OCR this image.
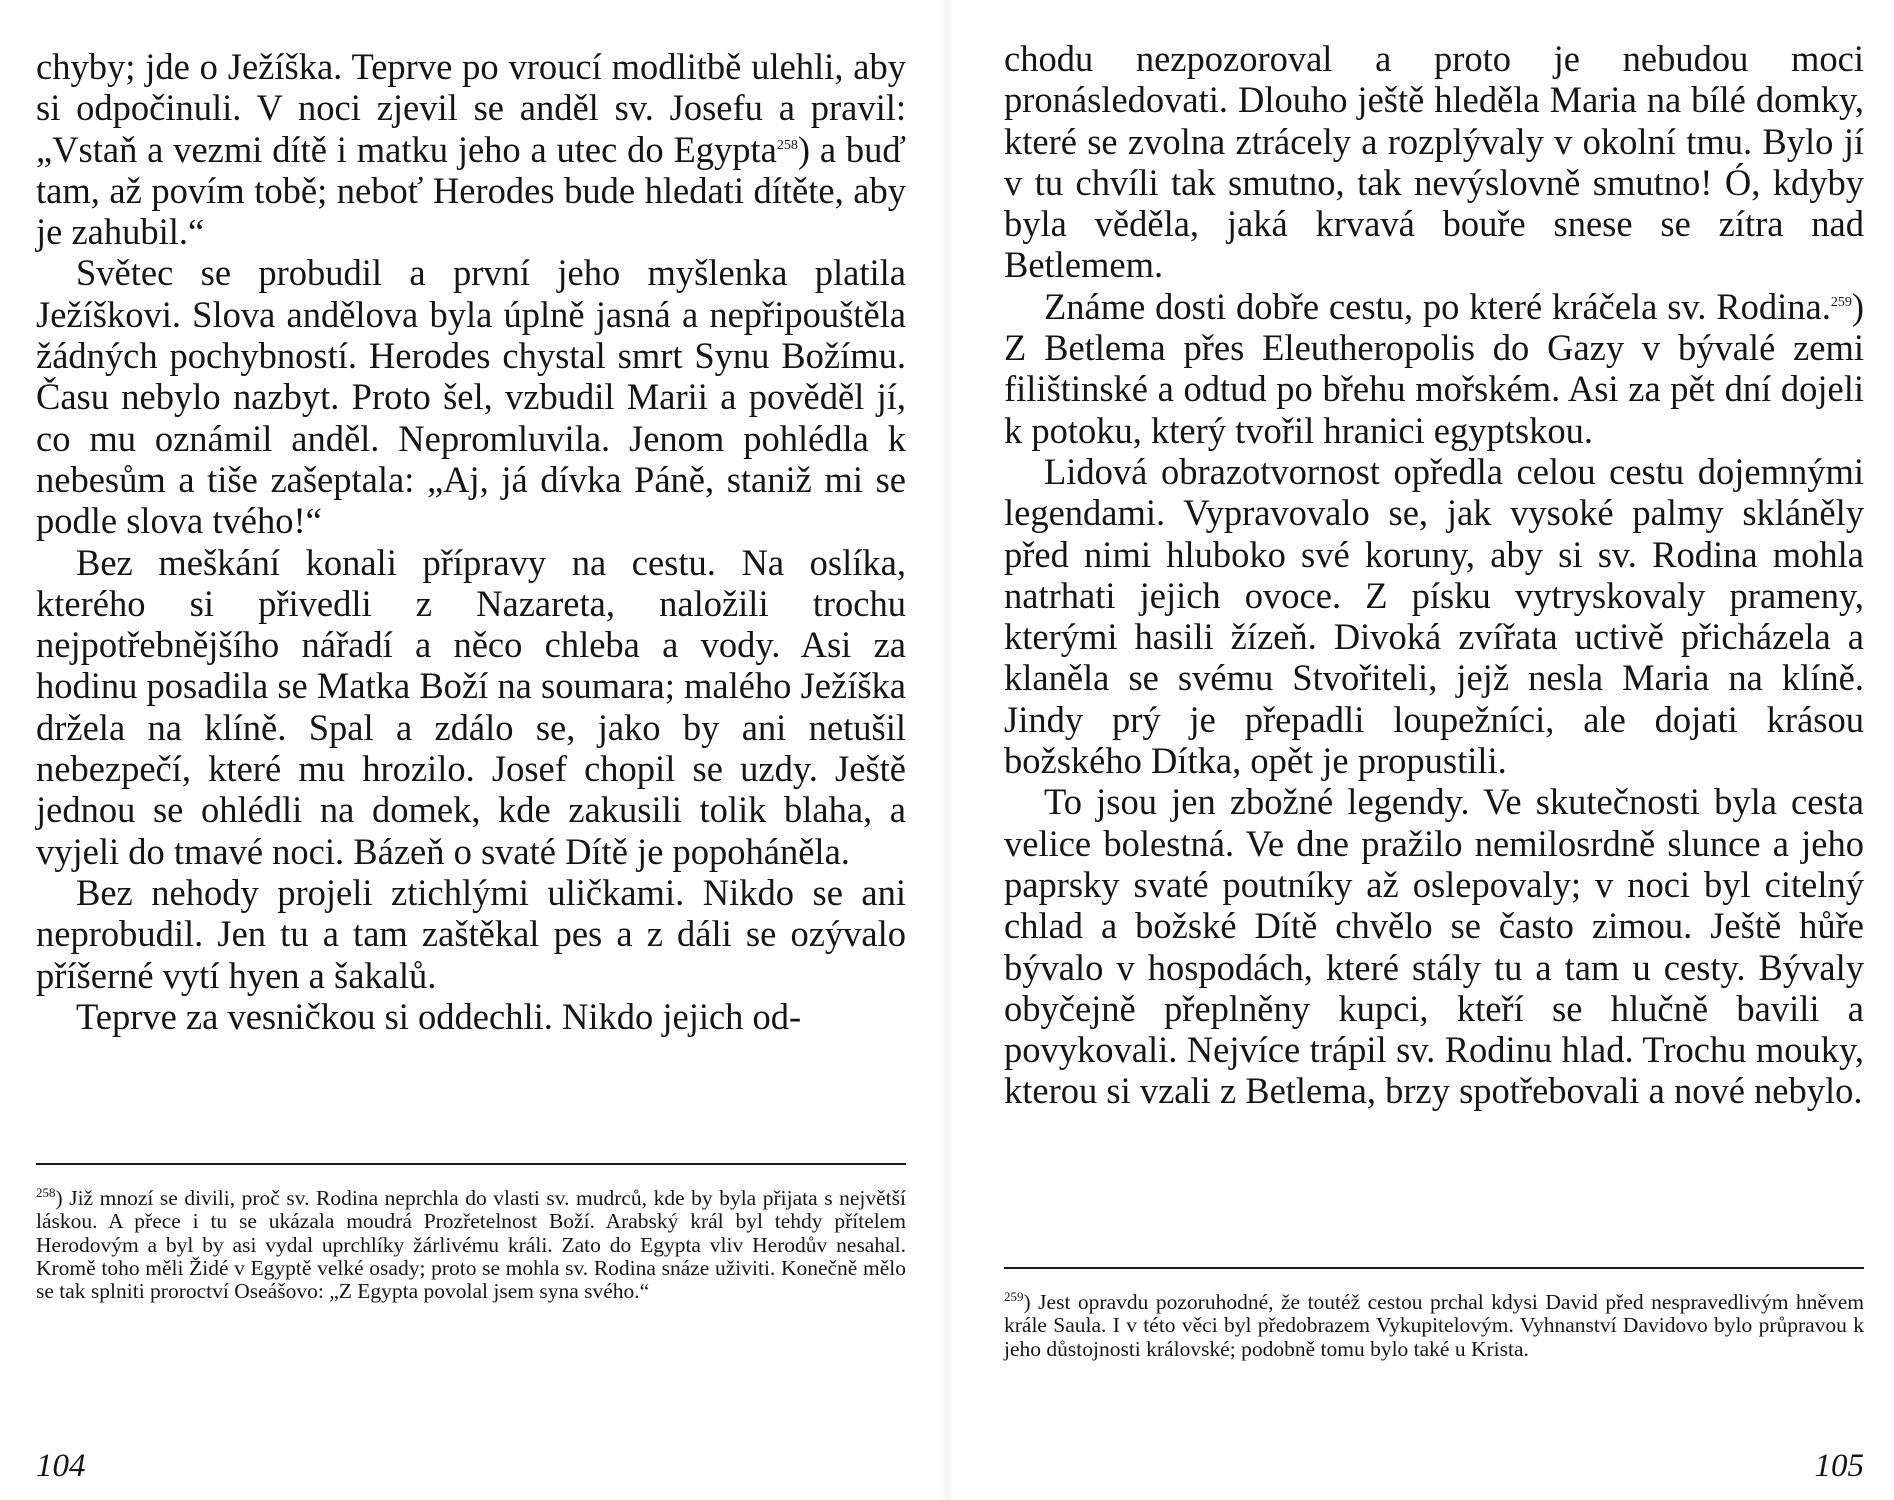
chyby; jde o Ježíška. Teprve po vroucí modlitbě ulehli, aby si odpočinuli. V noci zjevil se anděl sv. Josefu a pravil: „Vstaň a vezmi dítě i matku jeho a utec do Egypta$^{258}$) a buď tam, až povím tobě; neboť Herodes bude hledati dítěte, aby je zahubil.“

Světec se probudil a první jeho myšlenka platila Ježíškovi. Slova andělova byla úplně jasná a nepřipouštěla žádných pochybností. Herodes chystal smrt Synu Božímu. Času nebylo nazbyt. Proto šel, vzbudil Marii a pověděl jí, co mu oznámil anděl. Nepromluvila. Jenom pohlédla k nebesům a tiše zašeptala: „Aj, já dívka Páně, staniž mi se podle slova tvého!“

Bez meškání konali přípravy na cestu. Na oslíka, kterého si přivedli z Nazareta, naložili trochu nejpotřebnějšího nářadí a něco chleba a vody. Asi za hodinu posadila se Matka Boží na soumara; malého Ježíška držela na klíně. Spal a zdálo se, jako by ani netušil nebezpečí, které mu hrozilo. Josef chopil se uzdy. Ještě jednou se ohlédli na domek, kde zakusili tolik blaha, a vyjeli do tmavé noci. Bázeň o svaté Dítě je popoháněla.

Bez nehody projeli ztichlými uličkami. Nikdo se ani neprobudil. Jen tu a tam zaštěkal pes a z dáli se ozývalo příšerné vytí hyen a šakalů.

Teprve za vesničkou si oddechli. Nikdo jejich od-

$^{258}$) Již mnozí se divili, proč sv. Rodina neprchla do vlasti sv. mudrců, kde by byla přijata s největší láskou. A přece i tu se ukázala moudrá Prozřetelnost Boží. Arabský král byl tehdy přítelem Herodovým a byl by asi vydal uprchlíky žárlivému králi. Zato do Egypta vliv Herodův nesahal. Kromě toho měli Židé v Egyptě velké osady; proto se mohla sv. Rodina snáze uživiti. Konečně mělo se tak splniti proroctví Oseášovo: „Z Egypta povolal jsem syna svého.“
104

chodu nezpozoroval a proto je nebudou moci pronásledovati. Dlouho ještě hleděla Maria na bílé domky, které se zvolna ztrácely a rozplývaly v okolní tmu. Bylo jí v tu chvíli tak smutno, tak nevýslovně smutno! Ó, kdyby byla věděla, jaká krvavá bouře snese se zítra nad Betlemem.

Známe dosti dobře cestu, po které kráčela sv. Rodina.$^{259}$) Z Betlema přes Eleutheropolis do Gazy v bývalé zemi filištinské a odtud po břehu mořském. Asi za pět dní dojeli k potoku, který tvořil hranici egyptskou.

Lidová obrazotvornost opředla celou cestu dojemnými legendami. Vypravovalo se, jak vysoké palmy skláněly před nimi hluboko své koruny, aby si sv. Rodina mohla natrhati jejich ovoce. Z písku vytryskovaly prameny, kterými hasili žízeň. Divoká zvířata uctivě přicházela a klaněla se svému Stvořiteli, jejž nesla Maria na klíně. Jindy prý je přepadli loupežníci, ale dojati krásou božského Dítka, opět je propustili.

To jsou jen zbožné legendy. Ve skutečnosti byla cesta velice bolestná. Ve dne pražilo nemilosrdně slunce a jeho paprsky svaté poutníky až oslepovaly; v noci byl citelný chlad a božské Dítě chvělo se často zimou. Ještě hůře bývalo v hospodách, které stály tu a tam u cesty. Bývaly obyčejně přeplněny kupci, kteří se hlučně bavili a povykovali. Nejvíce trápil sv. Rodinu hlad. Trochu mouky, kterou si vzali z Betlema, brzy spotřebovali a nové nebylo.

$^{259}$) Jest opravdu pozoruhodné, že toutéž cestou prchal kdysi David před nespravedlivým hněvem krále Saula. I v této věci byl předobrazem Vykupitelovým. Vyhnanství Davidovo bylo průpravou k jeho důstojnosti královské; podobně tomu bylo také u Krista.
105
